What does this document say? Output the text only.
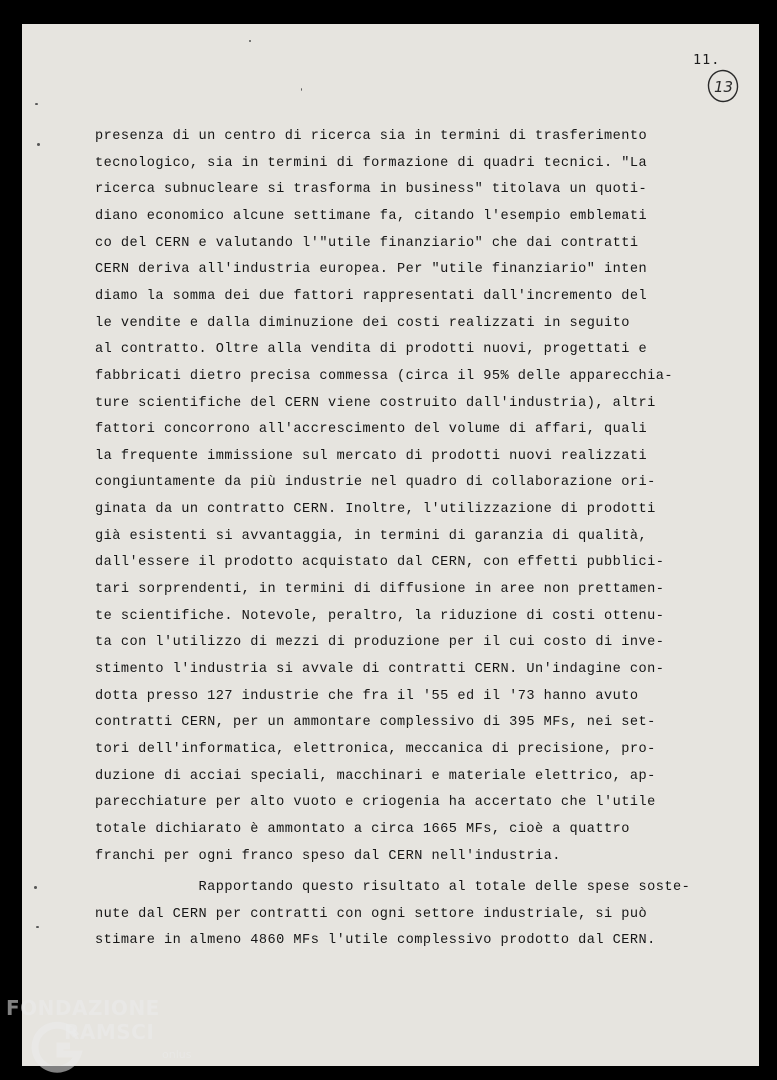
11.
13
presenza di un centro di ricerca sia in termini di trasferimento
tecnologico, sia in termini di formazione di quadri tecnici. "La
ricerca subnucleare si trasforma in business" titolava un quoti-
diano economico alcune settimane fa, citando l'esempio emblemati
co del CERN e valutando l'"utile finanziario" che dai contratti
CERN deriva all'industria europea. Per "utile finanziario" inten
diamo la somma dei due fattori rappresentati dall'incremento del
le vendite e dalla diminuzione dei costi realizzati in seguito
al contratto. Oltre alla vendita di prodotti nuovi, progettati e
fabbricati dietro precisa commessa (circa il 95% delle apparecchia-
ture scientifiche del CERN viene costruito dall'industria), altri
fattori concorrono all'accrescimento del volume di affari, quali
la frequente immissione sul mercato di prodotti nuovi realizzati
congiuntamente da più industrie nel quadro di collaborazione ori-
ginata da un contratto CERN. Inoltre, l'utilizzazione di prodotti
già esistenti si avvantaggia, in termini di garanzia di qualità,
dall'essere il prodotto acquistato dal CERN, con effetti pubblici-
tari sorprendenti, in termini di diffusione in aree non prettamen-
te scientifiche. Notevole, peraltro, la riduzione di costi ottenu-
ta con l'utilizzo di mezzi di produzione per il cui costo di inve-
stimento l'industria si avvale di contratti CERN. Un'indagine con-
dotta presso 127 industrie che fra il '55 ed il '73 hanno avuto
contratti CERN, per un ammontare complessivo di 395 MFs, nei set-
tori dell'informatica, elettronica, meccanica di precisione, pro-
duzione di acciai speciali, macchinari e materiale elettrico, ap-
parecchiature per alto vuoto e criogenia ha accertato che l'utile
totale dichiarato è ammontato a circa 1665 MFs, cioè a quattro
franchi per ogni franco speso dal CERN nell'industria.
Rapportando questo risultato al totale delle spese soste-
nute dal CERN per contratti con ogni settore industriale, si può
stimare in almeno 4860 MFs l'utile complessivo prodotto dal CERN.
FONDAZIONE
RAMSCI
onlus
